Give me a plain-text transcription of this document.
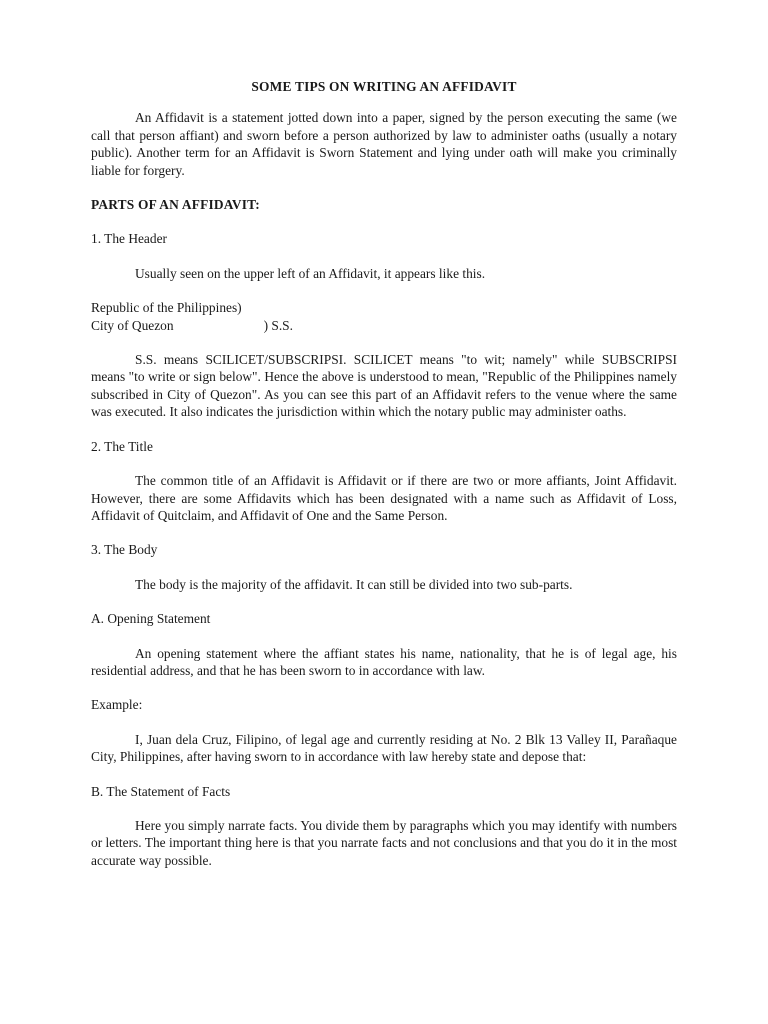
SOME TIPS ON WRITING AN AFFIDAVIT

An Affidavit is a statement jotted down into a paper, signed by the person executing the same (we call that person affiant) and sworn before a person authorized by law to administer oaths (usually a notary public). Another term for an Affidavit is Sworn Statement and lying under oath will make you criminally liable for forgery.

PARTS OF AN AFFIDAVIT:
1. The Header
Usually seen on the upper left of an Affidavit, it appears like this.
Republic of the Philippines)
City of Quezon	) S.S.

S.S. means SCILICET/SUBSCRIPSI. SCILICET means "to wit; namely" while SUBSCRIPSI means "to write or sign below". Hence the above is understood to mean, "Republic of the Philippines namely subscribed in City of Quezon". As you can see this part of an Affidavit refers to the venue where the same was executed. It also indicates the jurisdiction within which the notary public may administer oaths.

2. The Title

The common title of an Affidavit is Affidavit or if there are two or more affiants, Joint Affidavit. However, there are some Affidavits which has been designated with a name such as Affidavit of Loss, Affidavit of Quitclaim, and Affidavit of One and the Same Person.

3. The Body
The body is the majority of the affidavit. It can still be divided into two sub-parts.
A. Opening Statement

An opening statement where the affiant states his name, nationality, that he is of legal age, his residential address, and that he has been sworn to in accordance with law.

Example:

I, Juan dela Cruz, Filipino, of legal age and currently residing at No. 2 Blk 13 Valley II, Parañaque City, Philippines, after having sworn to in accordance with law hereby state and depose that:

B. The Statement of Facts

Here you simply narrate facts. You divide them by paragraphs which you may identify with numbers or letters. The important thing here is that you narrate facts and not conclusions and that you do it in the most accurate way possible.
